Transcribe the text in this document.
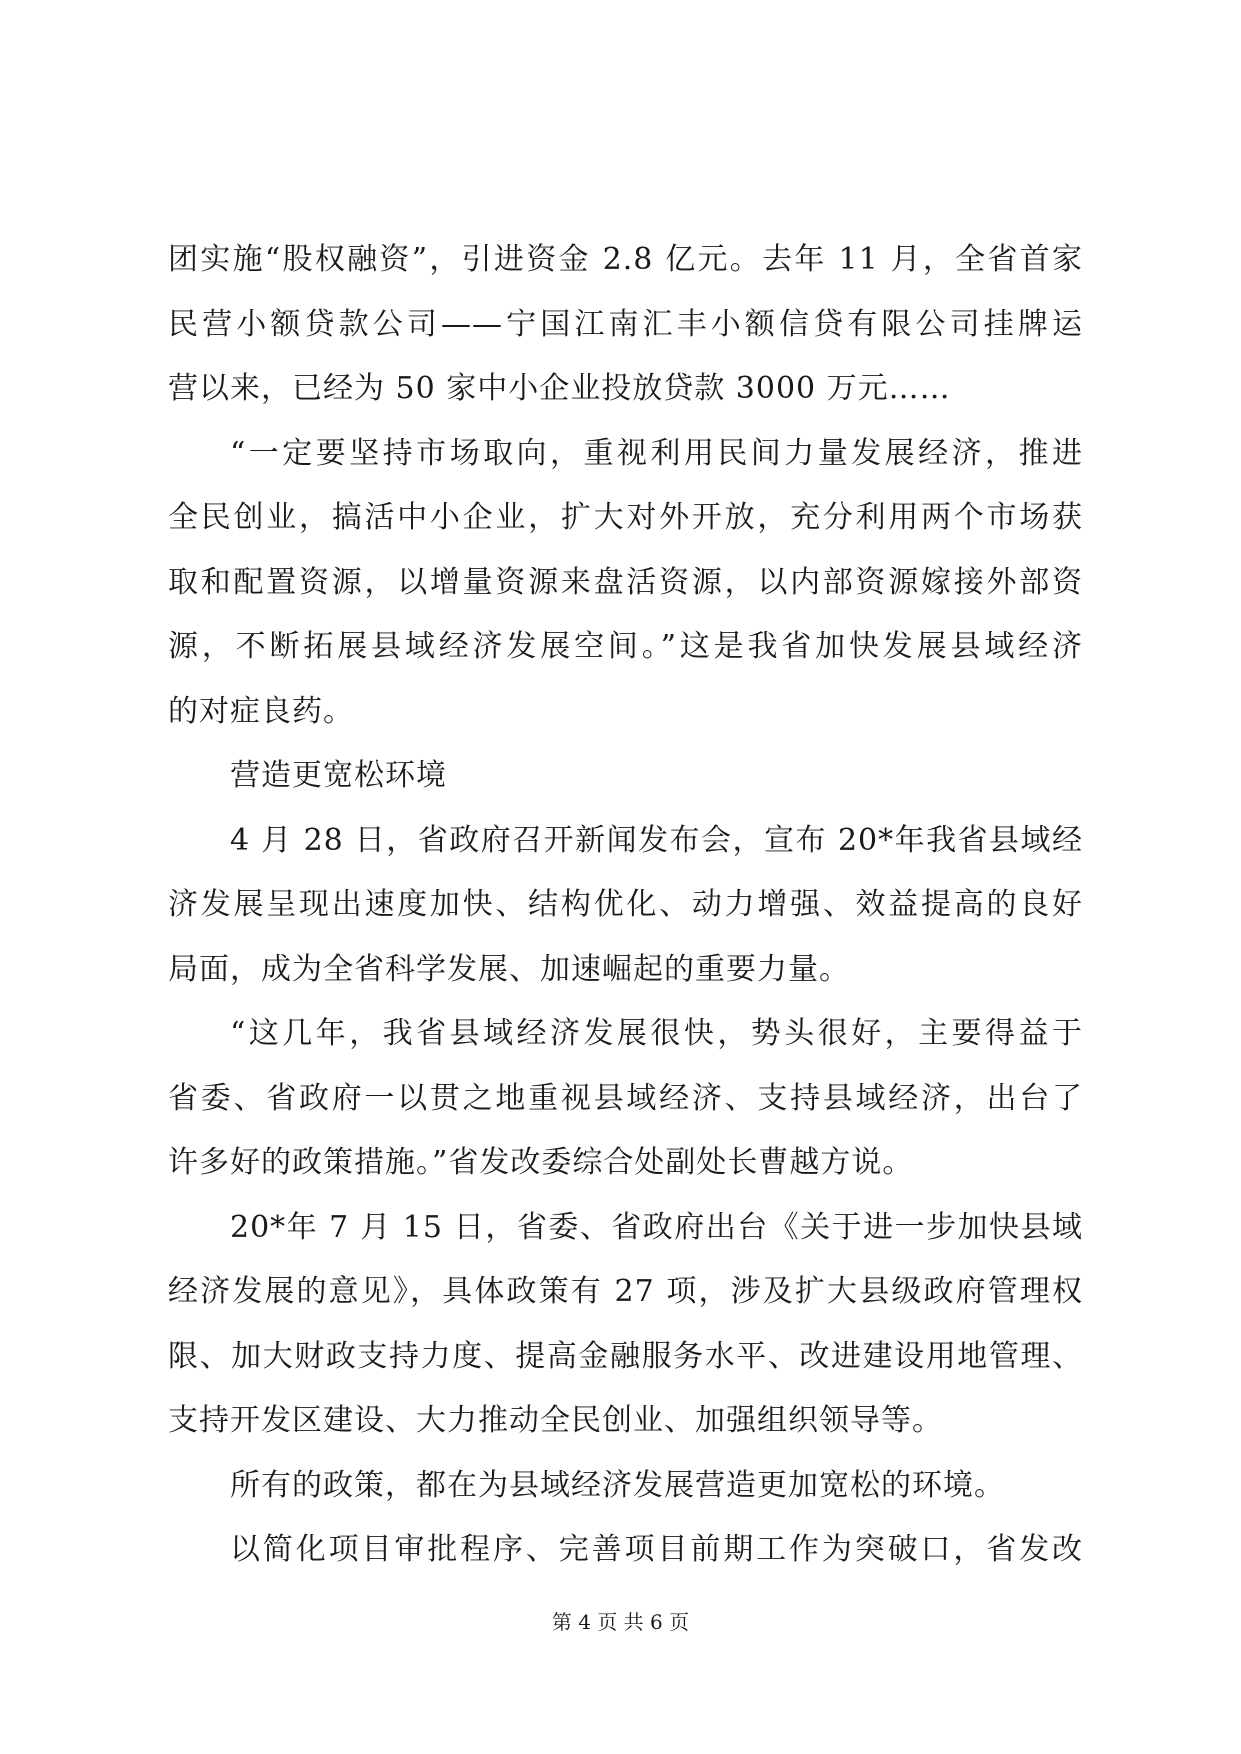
团实施“股权融资”，引进资金 2.8 亿元。去年 11 月，全省首家
民营小额贷款公司——宁国江南汇丰小额信贷有限公司挂牌运
营以来，已经为 50 家中小企业投放贷款 3000 万元……
“一定要坚持市场取向，重视利用民间力量发展经济，推进
全民创业，搞活中小企业，扩大对外开放，充分利用两个市场获
取和配置资源，以增量资源来盘活资源，以内部资源嫁接外部资
源，不断拓展县域经济发展空间。”这是我省加快发展县域经济
的对症良药。
营造更宽松环境
4 月 28 日，省政府召开新闻发布会，宣布 20*年我省县域经
济发展呈现出速度加快、结构优化、动力增强、效益提高的良好
局面，成为全省科学发展、加速崛起的重要力量。
“这几年，我省县域经济发展很快，势头很好，主要得益于
省委、省政府一以贯之地重视县域经济、支持县域经济，出台了
许多好的政策措施。”省发改委综合处副处长曹越方说。
20*年 7 月 15 日，省委、省政府出台《关于进一步加快县域
经济发展的意见》，具体政策有 27 项，涉及扩大县级政府管理权
限、加大财政支持力度、提高金融服务水平、改进建设用地管理、
支持开发区建设、大力推动全民创业、加强组织领导等。
所有的政策，都在为县域经济发展营造更加宽松的环境。
以简化项目审批程序、完善项目前期工作为突破口，省发改
第 4 页 共 6 页
